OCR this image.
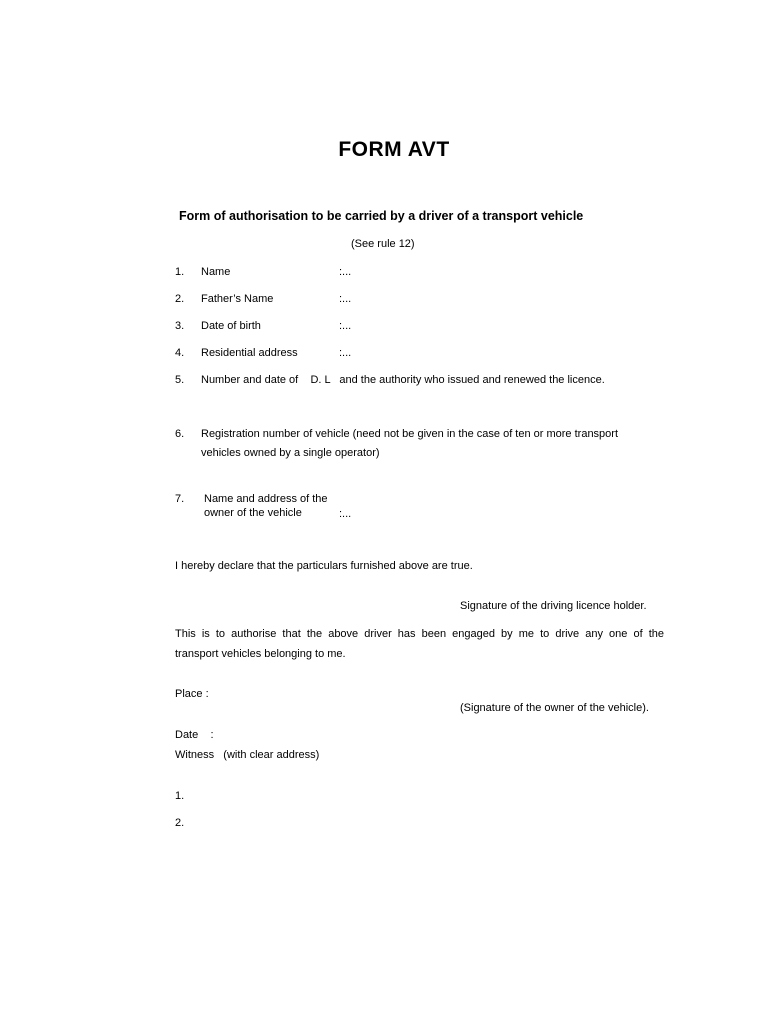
FORM AVT
Form of authorisation to be carried by a driver of a transport vehicle
(See rule 12)
1. Name	:...
2. Father’s Name	:...
3. Date of birth	:...
4. Residential address	:...
5. Number and date of    D. L   and the authority who issued and renewed the licence.
6. Registration number of vehicle (need not be given in the case of ten or more transport
vehicles owned by a single operator)
7. Name and address of the
owner of the vehicle	:...
I hereby declare that the particulars furnished above are true.
Signature of the driving licence holder.
This is to authorise that the above driver has been engaged by me to drive any one of the
transport vehicles belonging to me.
Place :
(Signature of the owner of the vehicle).
Date    :
Witness   (with clear address)
1.
2.
